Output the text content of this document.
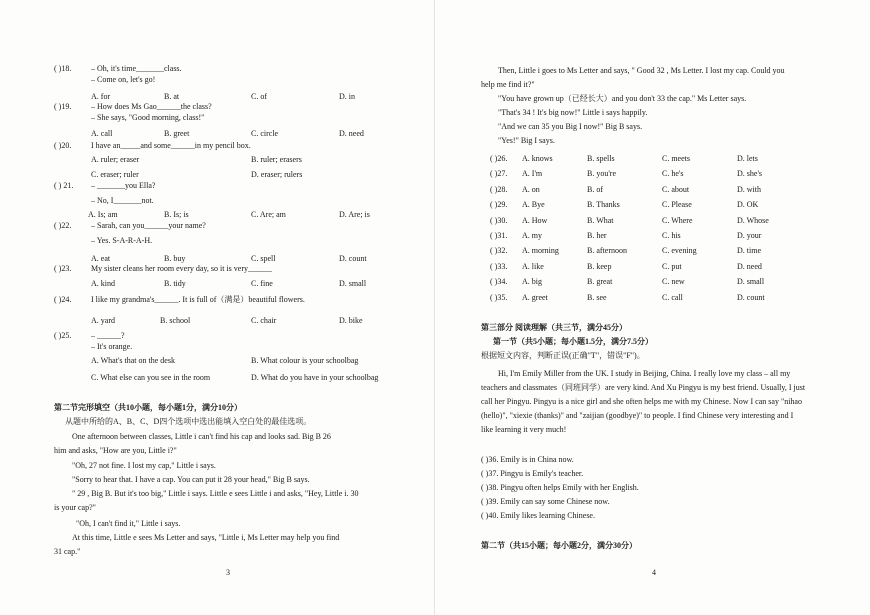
( )18. – Oh, it's time_______class.
– Come on, let's go!
A. for	B. at	C. of	D. in
( )19. – How does Ms Gao______the class?
– She says, "Good morning, class!"
A. call	B. greet	C. circle	D. need
( )20. I have an_____and some______in my pencil box.
A. ruler; eraser	B. ruler; erasers
C. eraser; ruler	D. eraser; rulers
( ) 21. – _______you Ella?
– No, I_______not.
A. Is; am	B. Is; is	C. Are; am	D. Are; is
( )22. – Sarah, can you______your name?
– Yes. S-A-R-A-H.
A. eat	B. buy	C. spell	D. count
( )23. My sister cleans her room every day, so it is very______
A. kind	B. tidy	C. fine	D. small
( )24. I like my grandma's______. It is full of（满是）beautiful flowers.
A. yard	B. school	C. chair	D. bike
( )25. – ______?
– It's orange.
A. What's that on the desk	B. What colour is your schoolbag
C. What else can you see in the room	D. What do you have in your schoolbag
第二节完形填空（共10小题，每小题1分，满分10分）
从题中所给的A、B、C、D四个选项中选出能填入空白处的最佳选项。
One afternoon between classes, Little i can't find his cap and looks sad. Big B 26
him and asks, "How are you, Little i?"
"Oh, 27 not fine. I lost my cap," Little i says.
"Sorry to hear that. I have a cap. You can put it 28 your head," Big B says.
" 29 , Big B. But it's too big," Little i says. Little e sees Little i and asks, "Hey, Little i. 30
is your cap?"
"Oh, I can't find it," Little i says.
At this time, Little e sees Ms Letter and says, "Little i, Ms Letter may help you find
31 cap."
3
Then, Little i goes to Ms Letter and says, " Good 32 , Ms Letter. I lost my cap. Could you
help me find it?"
"You have grown up（已经长大）and you don't 33 the cap." Ms Letter says.
"That's 34 ! It's big now!" Little i says happily.
"And we can 35 you Big I now!" Big B says.
"Yes!" Big I says.
( )26. A. knows	B. spells	C. meets	D. lets
( )27. A. I'm	B. you're	C. he's	D. she's
( )28. A. on	B. of	C. about	D. with
( )29. A. Bye	B. Thanks	C. Please	D. OK
( )30. A. How	B. What	C. Where	D. Whose
( )31. A. my	B. her	C. his	D. your
( )32. A. morning	B. afternoon	C. evening	D. time
( )33. A. like	B. keep	C. put	D. need
( )34. A. big	B. great	C. new	D. small
( )35. A. greet	B. see	C. call	D. count
第三部分 阅读理解（共三节，满分45分）
第一节（共5小题；每小题1.5分，满分7.5分）
根据短文内容，判断正误(正确"T"，错误"F")。
Hi, I'm Emily Miller from the UK. I study in Beijing, China. I really love my class – all my
teachers and classmates（同班同学）are very kind. And Xu Pingyu is my best friend. Usually, I just
call her Pingyu. Pingyu is a nice girl and she often helps me with my Chinese. Now I can say "nihao
(hello)", "xiexie (thanks)" and "zaijian (goodbye)" to people. I find Chinese very interesting and I
like learning it very much!
( )36. Emily is in China now.
( )37. Pingyu is Emily's teacher.
( )38. Pingyu often helps Emily with her English.
( )39. Emily can say some Chinese now.
( )40. Emily likes learning Chinese.
第二节（共15小题；每小题2分，满分30分）
4
